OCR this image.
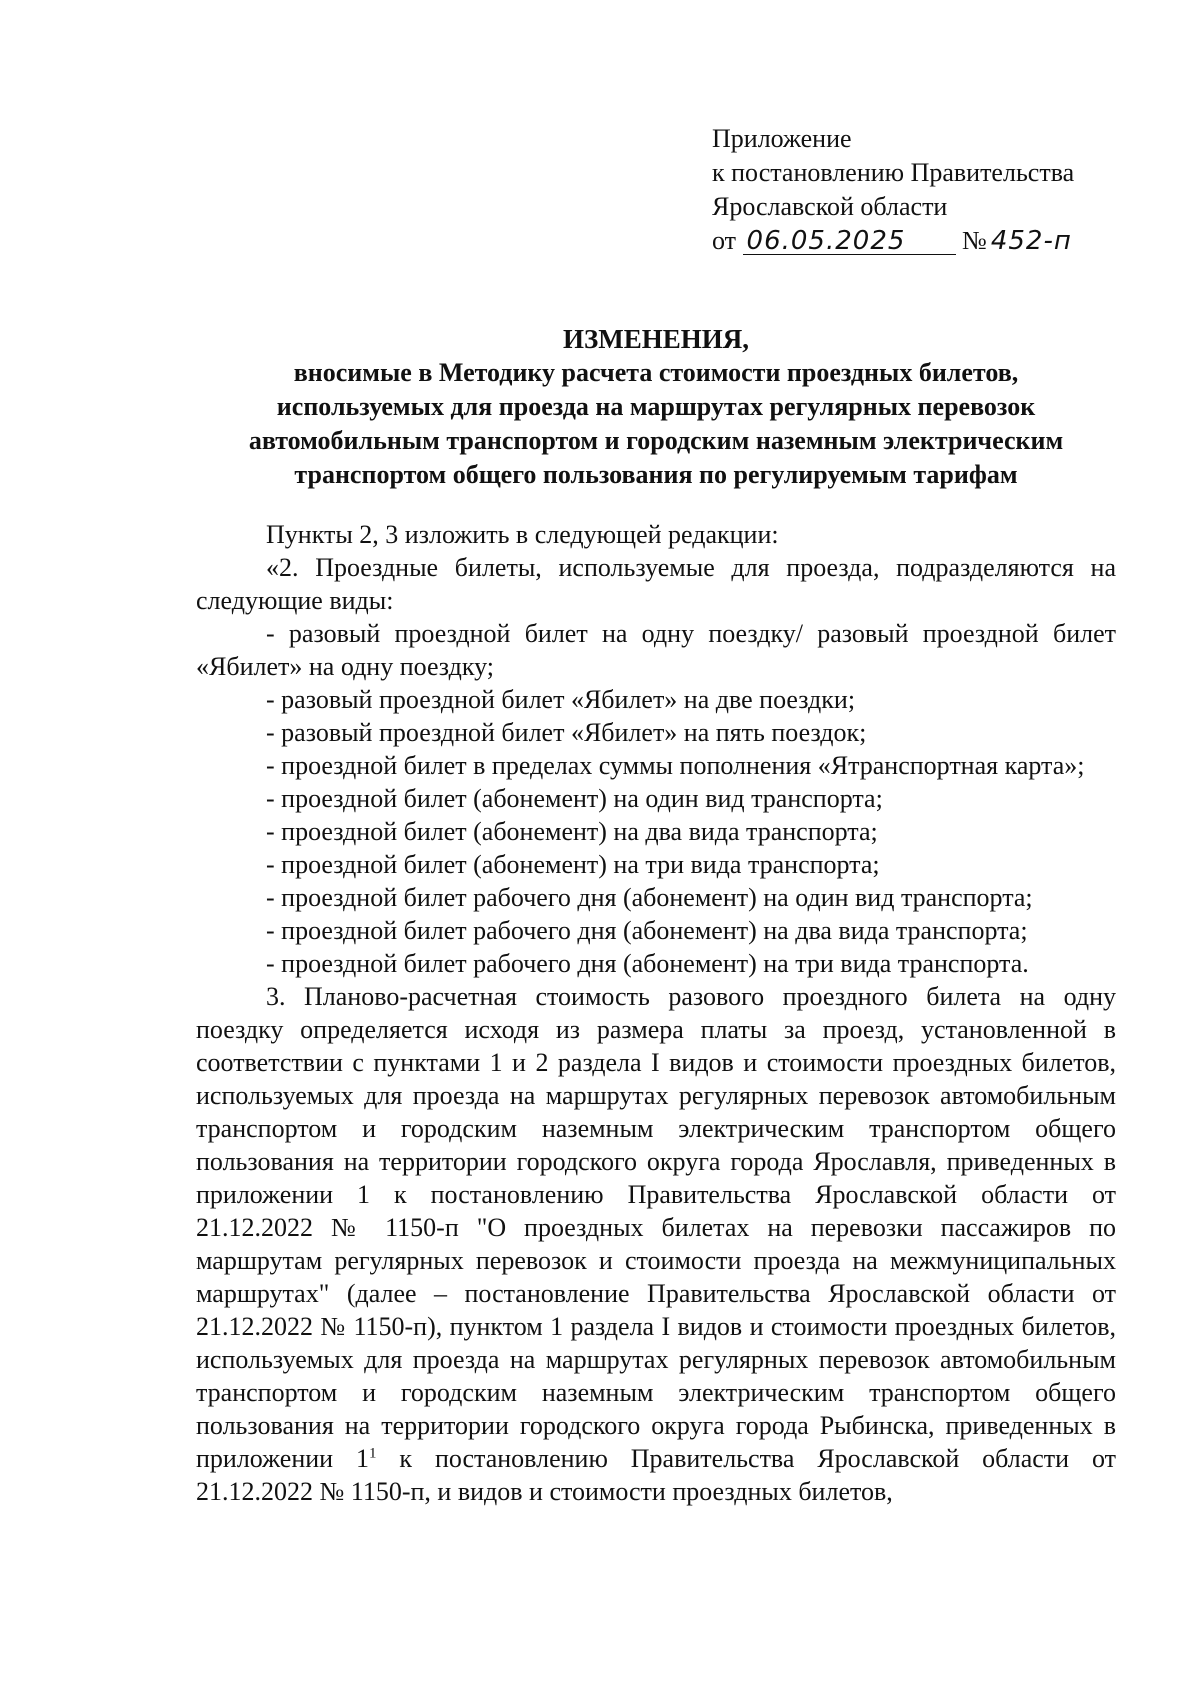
Приложение
к постановлению Правительства
Ярославской области
от 06.05.2025 № 452-п
ИЗМЕНЕНИЯ,
вносимые в Методику расчета стоимости проездных билетов,
используемых для проезда на маршрутах регулярных перевозок
автомобильным транспортом и городским наземным электрическим
транспортом общего пользования по регулируемым тарифам

Пункты 2, 3 изложить в следующей редакции:

«2. Проездные билеты, используемые для проезда, подразделяются на следующие виды:

- разовый проездной билет на одну поездку/ разовый проездной билет «Ябилет» на одну поездку;

- разовый проездной билет «Ябилет» на две поездки;

- разовый проездной билет «Ябилет» на пять поездок;

- проездной билет в пределах суммы пополнения «Ятранспортная карта»;

- проездной билет (абонемент) на один вид транспорта;

- проездной билет (абонемент) на два вида транспорта;

- проездной билет (абонемент) на три вида транспорта;

- проездной билет рабочего дня (абонемент) на один вид транcпорта;

- проездной билет рабочего дня (абонемент) на два вида транспорта;

- проездной билет рабочего дня (абонемент) на три вида транспорта.

3. Планово-расчетная стоимость разового проездного билета на одну поездку определяется исходя из размера платы за проезд, установленной в соответствии с пунктами 1 и 2 раздела I видов и стоимости проездных билетов, используемых для проезда на маршрутах регулярных перевозок автомобильным транспортом и городским наземным электрическим транспортом общего пользования на территории городского округа города Ярославля, приведенных в приложении 1 к постановлению Правительства Ярославской области от 21.12.2022 № 1150-п "О проездных билетах на перевозки пассажиров по маршрутам регулярных перевозок и стоимости проезда на межмуниципальных маршрутах" (далее – постановление Правительства Ярославской области от 21.12.2022 № 1150-п), пунктом 1 раздела I видов и стоимости проездных билетов, используемых для проезда на маршрутах регулярных перевозок автомобильным транспортом и городским наземным электрическим транспортом общего пользования на территории городского округа города Рыбинска, приведенных в приложении $1^1$ к постановлению Правительства Ярославской области от 21.12.2022 № 1150-п, и видов и стоимости проездных билетов,
